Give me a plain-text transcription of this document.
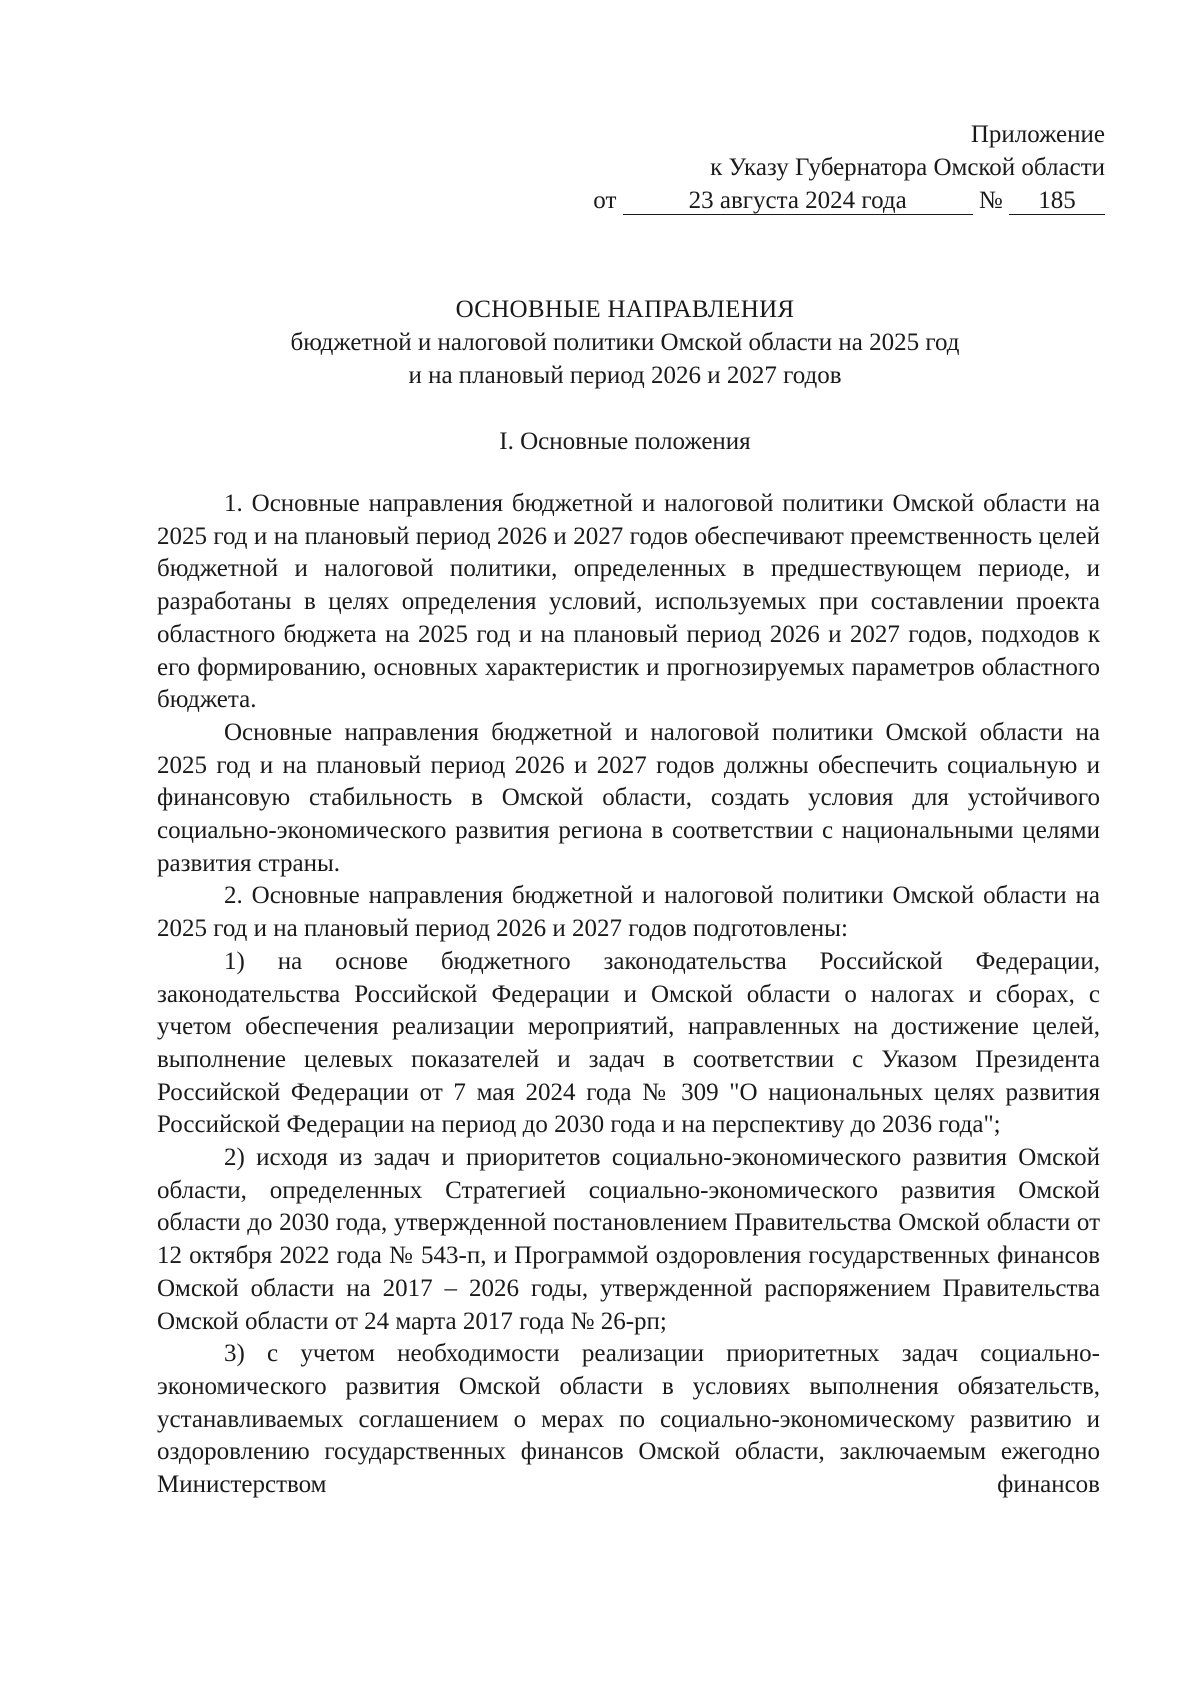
Приложение
к Указу Губернатора Омской области
от	23 августа 2024 года	№ 185
ОСНОВНЫЕ НАПРАВЛЕНИЯ
бюджетной и налоговой политики Омской области на 2025 год
и на плановый период 2026 и 2027 годов
I. Основные положения

1. Основные направления бюджетной и налоговой политики Омской области на 2025 год и на плановый период 2026 и 2027 годов обеспечивают преемственность целей бюджетной и налоговой политики, определенных в предшествующем периоде, и разработаны в целях определения условий, используемых при составлении проекта областного бюджета на 2025 год и на плановый период 2026 и 2027 годов, подходов к его формированию, основных характеристик и прогнозируемых параметров областного бюджета.

Основные направления бюджетной и налоговой политики Омской области на 2025 год и на плановый период 2026 и 2027 годов должны обеспечить социальную и финансовую стабильность в Омской области, создать условия для устойчивого социально-экономического развития региона в соответствии с национальными целями развития страны.

2. Основные направления бюджетной и налоговой политики Омской области на 2025 год и на плановый период 2026 и 2027 годов подготовлены:

1) на основе бюджетного законодательства Российской Федерации, законодательства Российской Федерации и Омской области о налогах и сборах, с учетом обеспечения реализации мероприятий, направленных на достижение целей, выполнение целевых показателей и задач в соответствии с Указом Президента Российской Федерации от 7 мая 2024 года № 309 "О национальных целях развития Российской Федерации на период до 2030 года и на перспективу до 2036 года";

2) исходя из задач и приоритетов социально-экономического развития Омской области, определенных Стратегией социально-экономического развития Омской области до 2030 года, утвержденной постановлением Правительства Омской области от 12 октября 2022 года № 543-п, и Программой оздоровления государственных финансов Омской области на 2017 – 2026 годы, утвержденной распоряжением Правительства Омской области от 24 марта 2017 года № 26-рп;

3) с учетом необходимости реализации приоритетных задач социально-экономического развития Омской области в условиях выполнения обязательств, устанавливаемых соглашением о мерах по социально-экономическому развитию и оздоровлению государственных финансов Омской области, заключаемым ежегодно Министерством финансов
